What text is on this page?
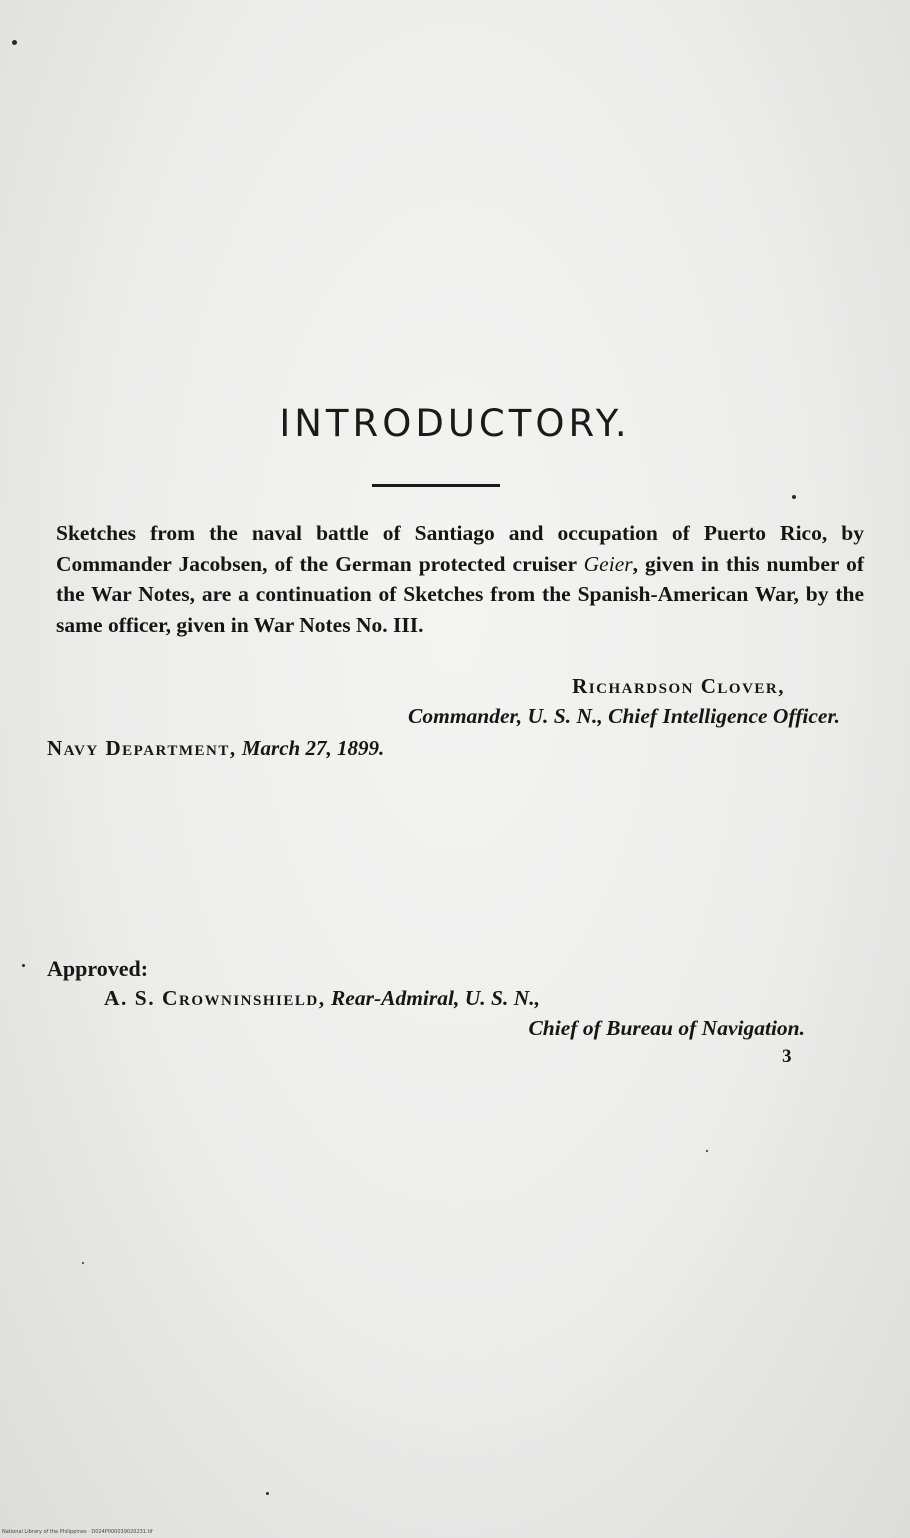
INTRODUCTORY.

Sketches from the naval battle of Santiago and occupation of Puerto Rico, by Commander Jacobsen, of the German protected cruiser Geier, given in this number of the War Notes, are a continuation of Sketches from the Spanish-American War, by the same officer, given in War Notes No. III.

Richardson Clover,
Commander, U. S. N., Chief Intelligence Officer.
Navy Department, March 27, 1899.
Approved:
A. S. Crowninshield, Rear-Admiral, U. S. N.,
Chief of Bureau of Navigation.
3
National Library of the Philippines · D024P000039020231.tif
